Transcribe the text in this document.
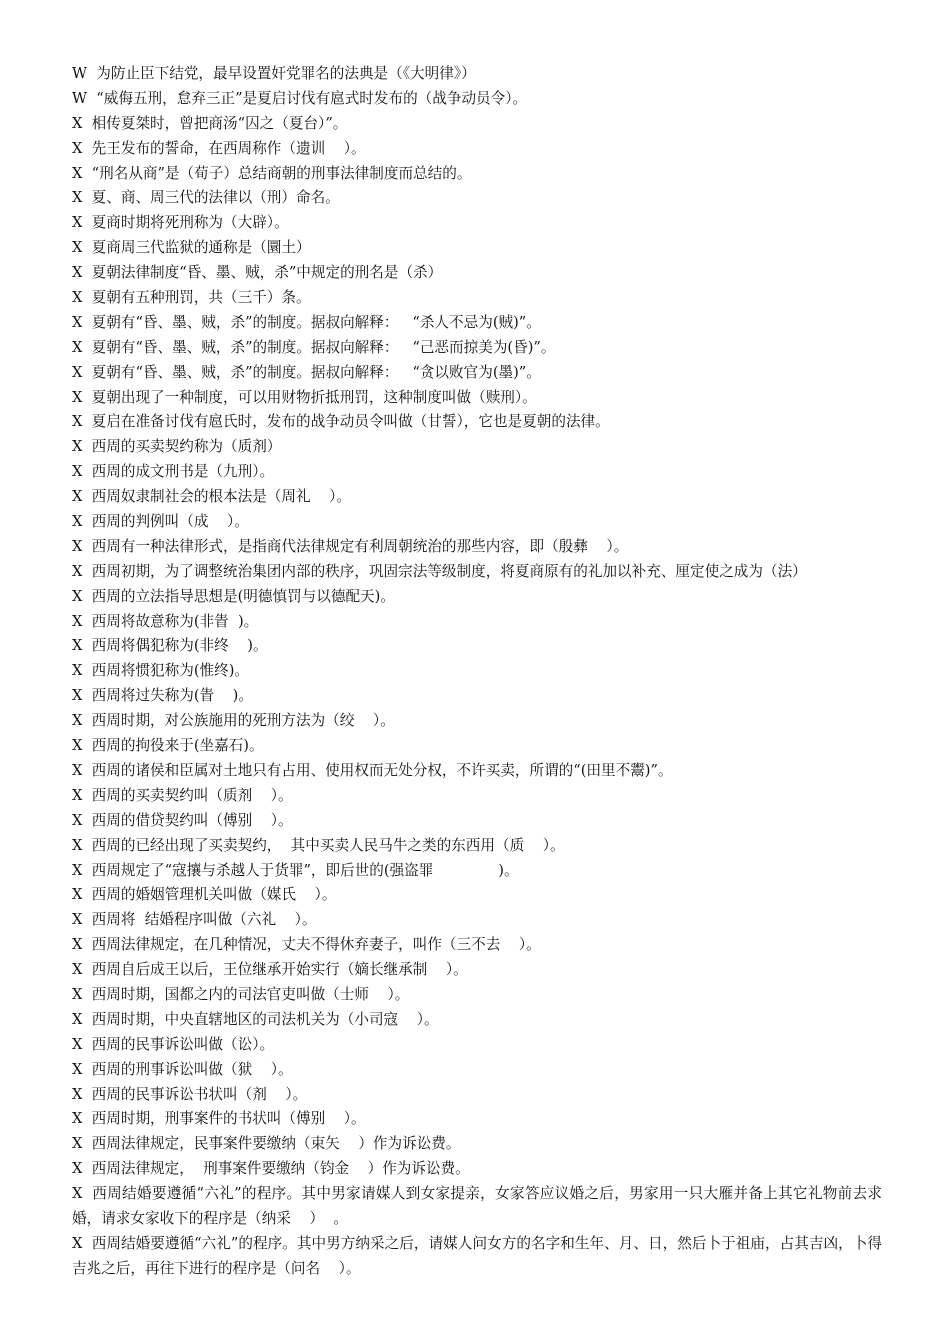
W  为防止臣下结党，最早设置奸党罪名的法典是（《大明律》）
W  “威侮五刑，怠弃三正”是夏启讨伐有扈式时发布的（战争动员令）。
X  相传夏桀时，曾把商汤“囚之（夏台）”。
X  先王发布的誓命，在西周称作（遗训    ）。
X  “刑名从商”是（荀子）总结商朝的刑事法律制度而总结的。
X  夏、商、周三代的法律以（刑）命名。
X  夏商时期将死刑称为（大辟）。
X  夏商周三代监狱的通称是（圜土）
X  夏朝法律制度“昏、墨、贼，杀”中规定的刑名是（杀）
X  夏朝有五种刑罚，共（三千）条。
X  夏朝有“昏、墨、贼，杀”的制度。据叔向解释：   “杀人不忌为(贼)”。
X  夏朝有“昏、墨、贼，杀”的制度。据叔向解释：   “己恶而掠美为(昏)”。
X  夏朝有“昏、墨、贼，杀”的制度。据叔向解释：   “贪以败官为(墨)”。
X  夏朝出现了一种制度，可以用财物折抵刑罚，这种制度叫做（赎刑）。
X  夏启在准备讨伐有扈氏时，发布的战争动员令叫做（甘誓），它也是夏朝的法律。
X  西周的买卖契约称为（质剂）
X  西周的成文刑书是（九刑）。
X  西周奴隶制社会的根本法是（周礼    ）。
X  西周的判例叫（成    ）。
X  西周有一种法律形式，是指商代法律规定有利周朝统治的那些内容，即（殷彝    ）。
X  西周初期，为了调整统治集团内部的秩序，巩固宗法等级制度，将夏商原有的礼加以补充、厘定使之成为（法）
X  西周的立法指导思想是(明德慎罚与以德配天)。
X  西周将故意称为(非眚  )。
X  西周将偶犯称为(非终    )。
X  西周将惯犯称为(惟终)。
X  西周将过失称为(眚    )。
X  西周时期，对公族施用的死刑方法为（绞    ）。
X  西周的拘役来于(坐嘉石)。
X  西周的诸侯和臣属对土地只有占用、使用权而无处分权，不许买卖，所谓的“(田里不鬻)”。
X  西周的买卖契约叫（质剂    ）。
X  西周的借贷契约叫（傅别    ）。
X  西周的已经出现了买卖契约，  其中买卖人民马牛之类的东西用（质    ）。
X  西周规定了“寇攘与杀越人于货罪”，即后世的(强盗罪              )。
X  西周的婚姻管理机关叫做（媒氏    ）。
X  西周将  结婚程序叫做（六礼    ）。
X  西周法律规定，在几种情况，丈夫不得休弃妻子，叫作（三不去    ）。
X  西周自后成王以后，王位继承开始实行（嫡长继承制    ）。
X  西周时期，国都之内的司法官吏叫做（士师    ）。
X  西周时期，中央直辖地区的司法机关为（小司寇    ）。
X  西周的民事诉讼叫做（讼）。
X  西周的刑事诉讼叫做（狱    ）。
X  西周的民事诉讼书状叫（剂    ）。
X  西周时期，刑事案件的书状叫（傅别    ）。
X  西周法律规定，民事案件要缴纳（束矢    ）作为诉讼费。
X  西周法律规定，  刑事案件要缴纳（钧金    ）作为诉讼费。
X  西周结婚要遵循“六礼”的程序。其中男家请媒人到女家提亲，女家答应议婚之后，男家用一只大雁并备上其它礼物前去求婚，请求女家收下的程序是（纳采    ）  。
X  西周结婚要遵循“六礼”的程序。其中男方纳采之后，请媒人问女方的名字和生年、月、日，然后卜于祖庙，占其吉凶，卜得吉兆之后，再往下进行的程序是（问名    ）。
